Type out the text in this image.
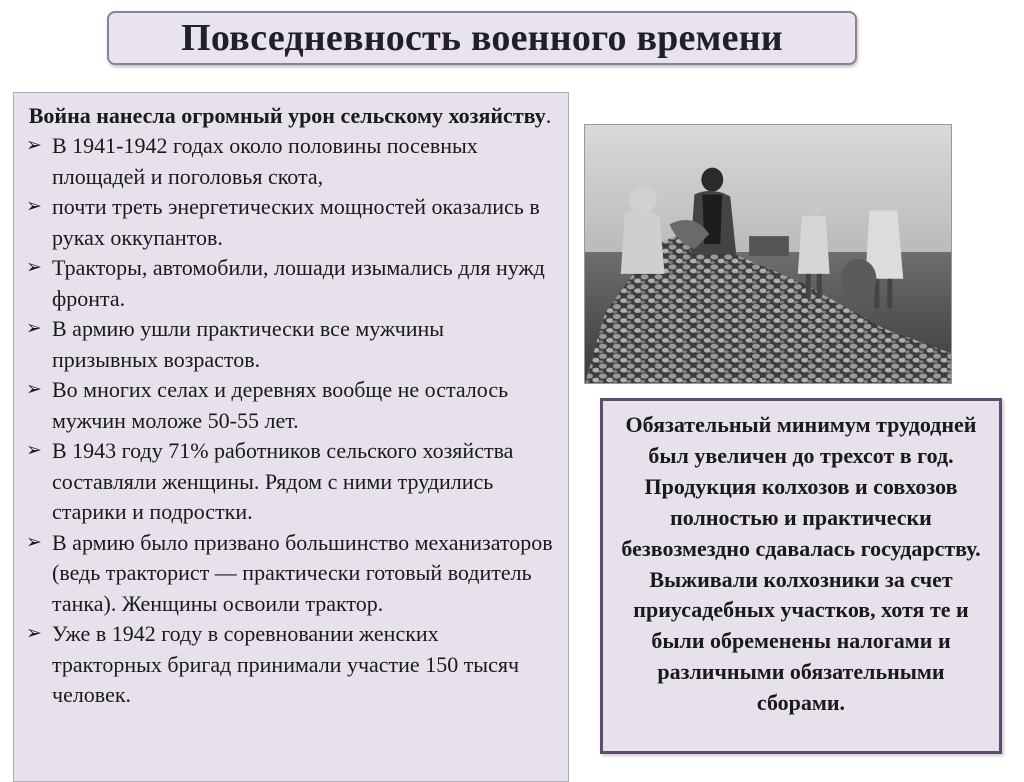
Повседневность военного времени
Война нанесла огромный урон сельскому хозяйству.
➢ В 1941-1942 годах около половины посевных площадей и поголовья скота,
➢ почти треть энергетических мощностей оказались в руках оккупантов.
➢ Тракторы, автомобили, лошади изымались для нужд фронта.
➢ В армию ушли практически все мужчины призывных возрастов.
➢ Во многих селах и деревнях вообще не осталось мужчин моложе 50-55 лет.
➢ В 1943 году 71% работников сельского хозяйства составляли женщины. Рядом с ними трудились старики и подростки.
➢ В армию было призвано большинство механизаторов (ведь тракторист — практически готовый водитель танка). Женщины освоили трактор.
➢ Уже в 1942 году в соревновании женских тракторных бригад принимали участие 150 тысяч человек.

Обязательный минимум трудодней был увеличен до трехсот в год. Продукция колхозов и совхозов полностью и практически безвозмездно сдавалась государству. Выживали колхозники за счет приусадебных участков, хотя те и были обременены налогами и различными обязательными сборами.
